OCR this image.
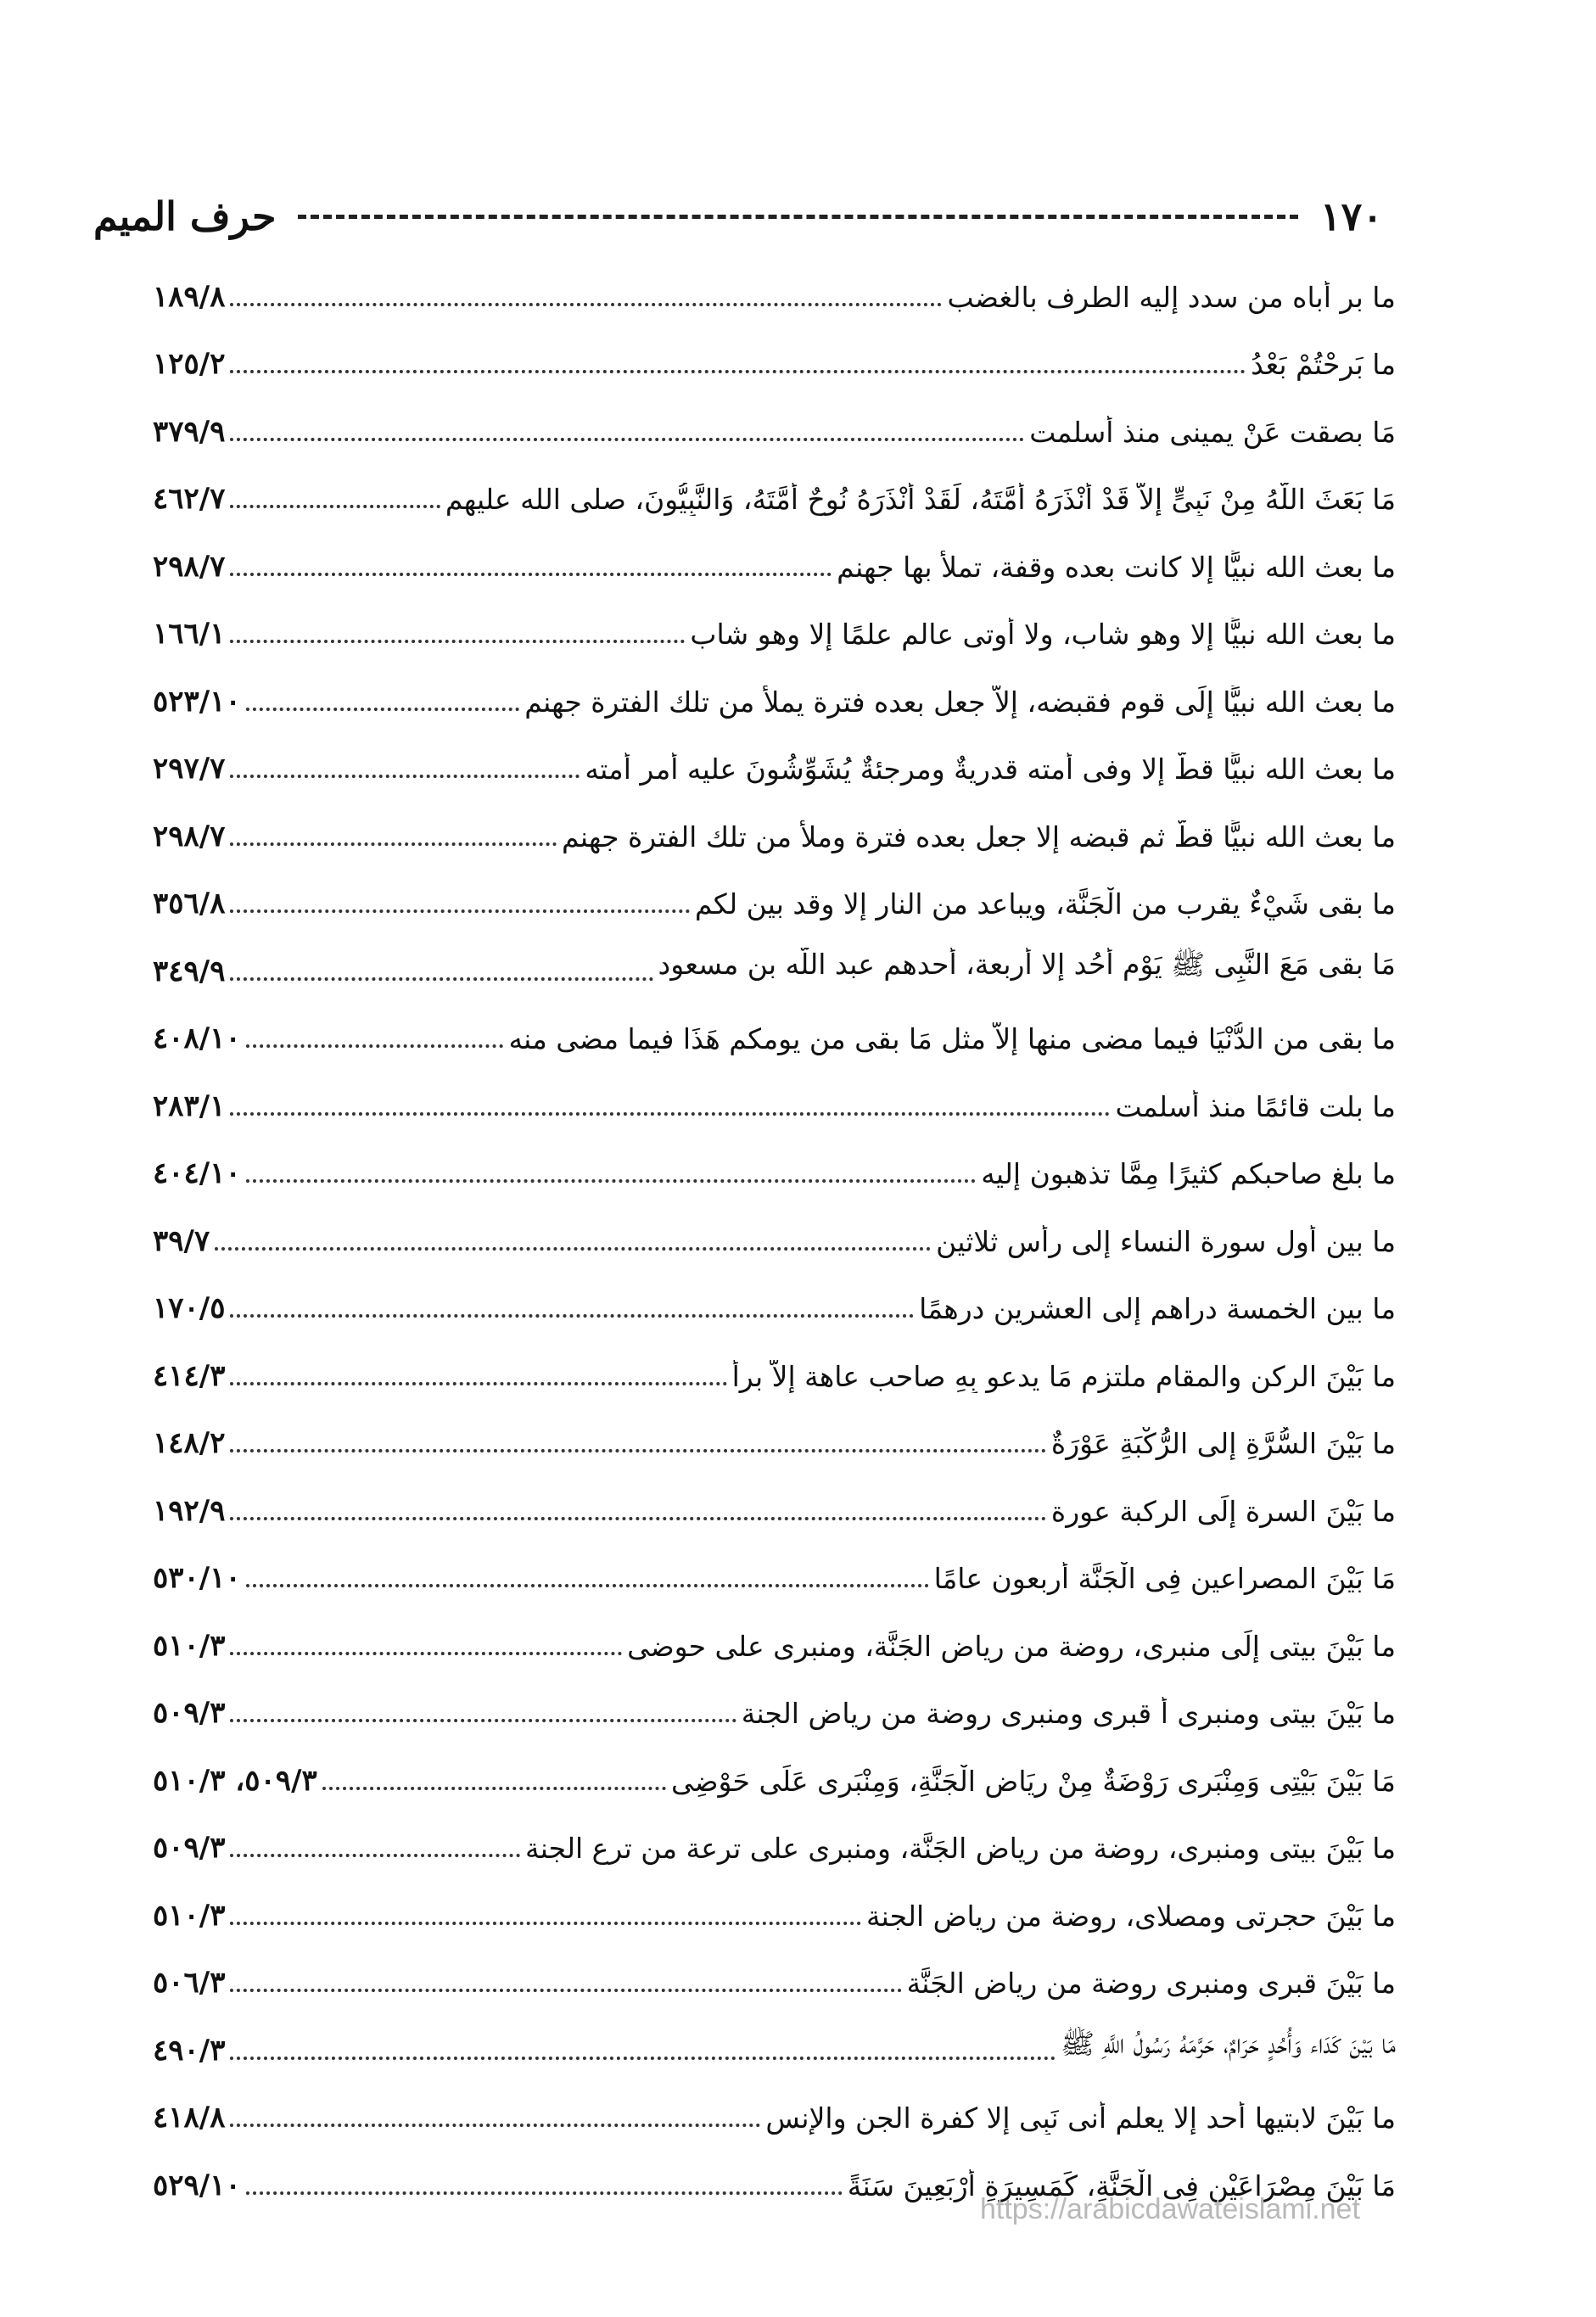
١٧٠
حرف الميم
ما بر أباه من سدد إليه الطرف بالغضب
١٨٩/٨
ما بَرِحْتُمْ بَعْدُ
١٢٥/٢
مَا بصقت عَنْ يمينى منذ أسلمت
٣٧٩/٩
مَا بَعَثَ اللَّهُ مِنْ نَبِىٍّ إِلاَّ قَدْ أَنْذَرَهُ أُمَّتَهُ، لَقَدْ أَنْذَرَهُ نُوحٌ أُمَّتَهُ، وَالنَّبِيُّونَ، صلى الله عليهم
٤٦٢/٧
ما بعث الله نبيًّا إلا كانت بعده وقفة، تملأ بها جهنم
٢٩٨/٧
ما بعث الله نبيًّا إلا وهو شاب، ولا أوتى عالم علمًا إلا وهو شاب
١٦٦/١
ما بعث الله نبيًّا إِلَى قوم فقبضه، إلاَّ جعل بعده فترة يملأ من تلك الفترة جهنم
٥٢٣/١٠
ما بعث الله نبيًّا قطُّ إلا وفى أمته قدريةٌ ومرجئةٌ يُشَوِّشُونَ عليه أمر أمته
٢٩٧/٧
ما بعث الله نبيًّا قطُّ ثم قبضه إلا جعل بعده فترة وملأ من تلك الفترة جهنم
٢٩٨/٧
ما بقى شَيْءٌ يقرب من الْجَنَّة، ويباعد من النار إلا وقد بين لكم
٣٥٦/٨
مَا بقى مَعَ النَّبِى ﷺ يَوْم أُحُد إلا أربعة، أحدهم عبد اللَّه بن مسعود
٣٤٩/٩
ما بقى من الدُّنْيَا فيما مضى منها إلاَّ مثل مَا بقى من يومكم هَذَا فيما مضى منه
٤٠٨/١٠
ما بلت قائمًا منذ أسلمت
٢٨٣/١
ما بلغ صاحبكم كثيرًا مِمَّا تذهبون إليه
٤٠٤/١٠
ما بين أول سورة النساء إلى رأس ثلاثين
٣٩/٧
ما بين الخمسة دراهم إلى العشرين درهمًا
١٧٠/٥
ما بَيْنَ الركن والمقام ملتزم مَا يدعو بِهِ صاحب عاهة إلاَّ برأ
٤١٤/٣
ما بَيْنَ السُّرَّةِ إلى الرُّكْبَةِ عَوْرَةٌ
١٤٨/٢
ما بَيْنَ السرة إِلَى الركبة عورة
١٩٢/٩
مَا بَيْنَ المصراعين فِى الْجَنَّة أربعون عامًا
٥٣٠/١٠
ما بَيْنَ بيتى إِلَى منبرى، روضة من رياض الجَنَّة، ومنبرى على حوضى
٥١٠/٣
ما بَيْنَ بيتى ومنبرى أ قبرى ومنبرى روضة من رياض الجنة
٥٠٩/٣
مَا بَيْنَ بَيْتِى وَمِنْبَرِى رَوْضَةٌ مِنْ رِيَاضِ الْجَنَّةِ، وَمِنْبَرِى عَلَى حَوْضِى
٥٠٩/٣، ٥١٠/٣
ما بَيْنَ بيتى ومنبرى، روضة من رياض الجَنَّة، ومنبرى على ترعة من ترع الجنة
٥٠٩/٣
ما بَيْنَ حجرتى ومصلاى، روضة من رياض الجنة
٥١٠/٣
ما بَيْنَ قبرى ومنبرى روضة من رياض الجَنَّة
٥٠٦/٣
مَا بَيْنَ كَدَاء وَأُحُدٍ حَرَامٌ، حَرَّمَهُ رَسُولُ اللَّهِ ﷺ
٤٩٠/٣
ما بَيْنَ لابتيها أحد إلا يعلم أنى نَبِى إلا كفرة الجن والإنس
٤١٨/٨
مَا بَيْنَ مِصْرَاعَيْنِ فِى الْجَنَّةِ، كَمَسِيرَةِ أَرْبَعِينَ سَنَةً
٥٢٩/١٠
https://arabicdawateislami.net
